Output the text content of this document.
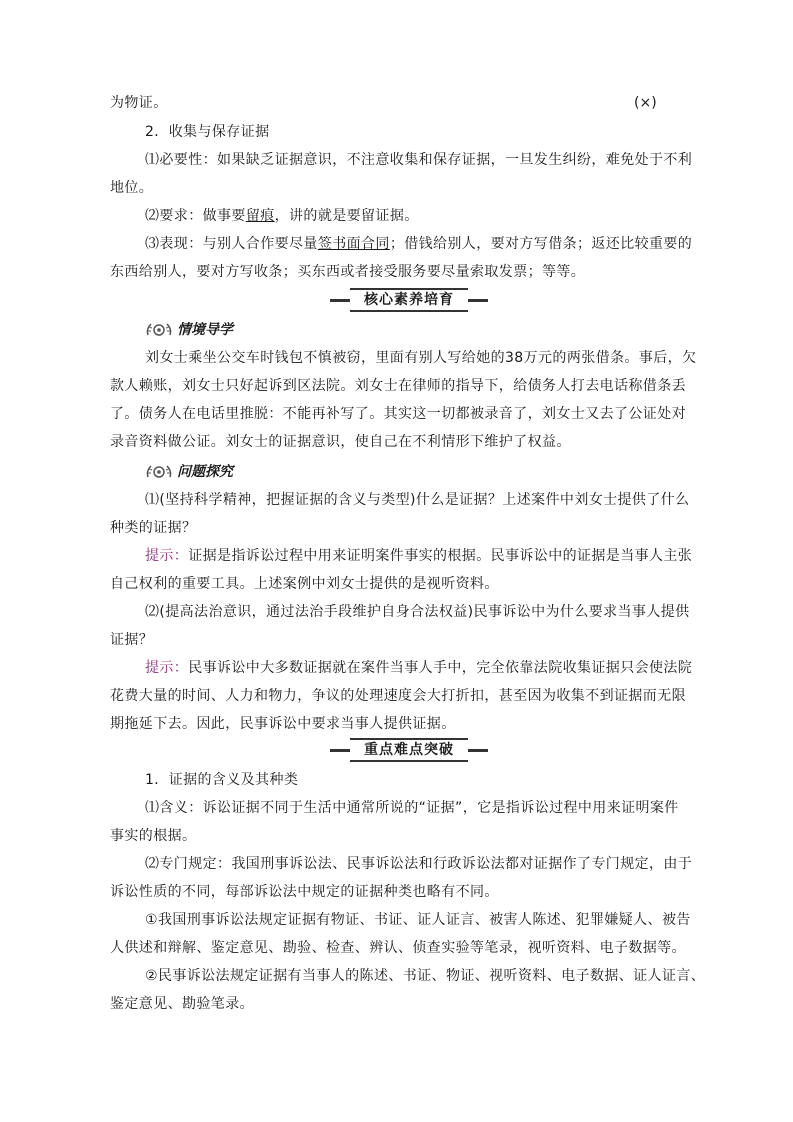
为物证。	(×)
2．收集与保存证据
⑴必要性：如果缺乏证据意识，不注意收集和保存证据，一旦发生纠纷，难免处于不利
地位。
⑵要求：做事要留痕，讲的就是要留证据。
⑶表现：与别人合作要尽量签书面合同；借钱给别人，要对方写借条；返还比较重要的
东西给别人，要对方写收条；买东西或者接受服务要尽量索取发票；等等。
核心素养培育
情境导学
刘女士乘坐公交车时钱包不慎被窃，里面有别人写给她的38万元的两张借条。事后，欠
款人赖账，刘女士只好起诉到区法院。刘女士在律师的指导下，给债务人打去电话称借条丢
了。债务人在电话里推脱：不能再补写了。其实这一切都被录音了，刘女士又去了公证处对
录音资料做公证。刘女士的证据意识，使自己在不利情形下维护了权益。
问题探究
⑴(坚持科学精神，把握证据的含义与类型)什么是证据？上述案件中刘女士提供了什么
种类的证据？
提示：证据是指诉讼过程中用来证明案件事实的根据。民事诉讼中的证据是当事人主张
自己权利的重要工具。上述案例中刘女士提供的是视听资料。
⑵(提高法治意识，通过法治手段维护自身合法权益)民事诉讼中为什么要求当事人提供
证据？
提示：民事诉讼中大多数证据就在案件当事人手中，完全依靠法院收集证据只会使法院
花费大量的时间、人力和物力，争议的处理速度会大打折扣，甚至因为收集不到证据而无限
期拖延下去。因此，民事诉讼中要求当事人提供证据。
重点难点突破
1．证据的含义及其种类
⑴含义：诉讼证据不同于生活中通常所说的“证据”，它是指诉讼过程中用来证明案件
事实的根据。
⑵专门规定：我国刑事诉讼法、民事诉讼法和行政诉讼法都对证据作了专门规定，由于
诉讼性质的不同，每部诉讼法中规定的证据种类也略有不同。
①我国刑事诉讼法规定证据有物证、书证、证人证言、被害人陈述、犯罪嫌疑人、被告
人供述和辩解、鉴定意见、勘验、检查、辨认、侦查实验等笔录，视听资料、电子数据等。
②民事诉讼法规定证据有当事人的陈述、书证、物证、视听资料、电子数据、证人证言、
鉴定意见、勘验笔录。
